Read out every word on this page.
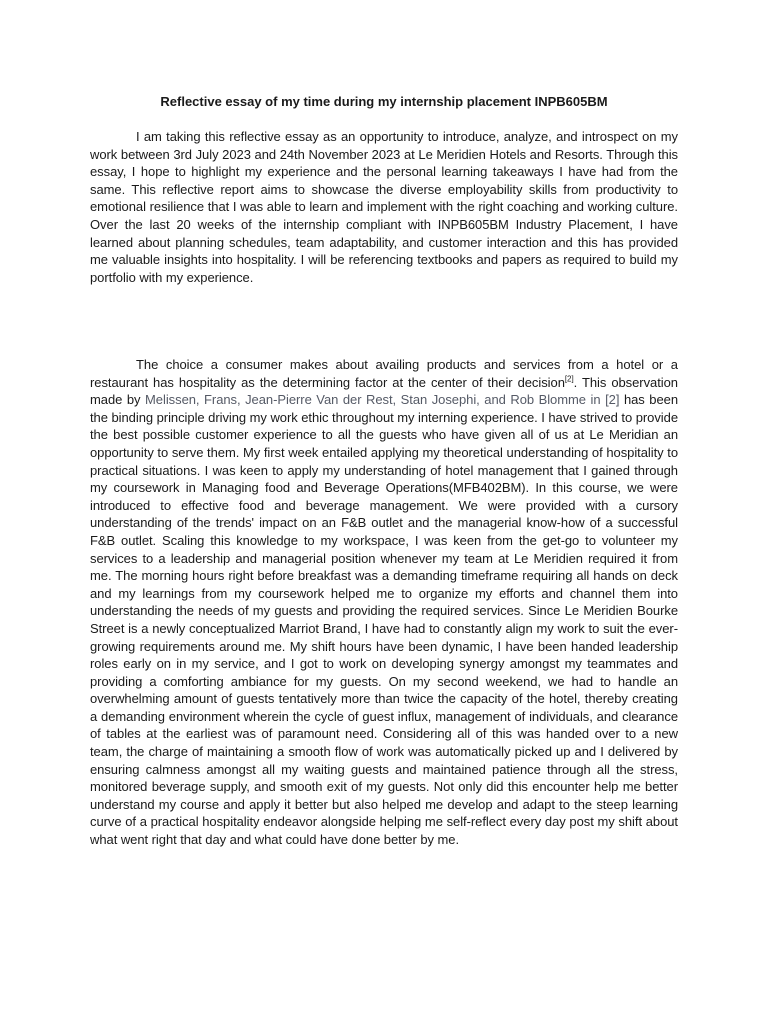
Reflective essay of my time during my internship placement INPB605BM

I am taking this reflective essay as an opportunity to introduce, analyze, and introspect on my work between 3rd July 2023 and 24th November 2023 at Le Meridien Hotels and Resorts. Through this essay, I hope to highlight my experience and the personal learning takeaways I have had from the same. This reflective report aims to showcase the diverse employability skills from productivity to emotional resilience that I was able to learn and implement with the right coaching and working culture. Over the last 20 weeks of the internship compliant with INPB605BM Industry Placement, I have learned about planning schedules, team adaptability, and customer interaction and this has provided me valuable insights into hospitality. I will be referencing textbooks and papers as required to build my portfolio with my experience.

The choice a consumer makes about availing products and services from a hotel or a restaurant has hospitality as the determining factor at the center of their decision[2]. This observation made by Melissen, Frans, Jean-Pierre Van der Rest, Stan Josephi, and Rob Blomme in [2] has been the binding principle driving my work ethic throughout my interning experience. I have strived to provide the best possible customer experience to all the guests who have given all of us at Le Meridian an opportunity to serve them. My first week entailed applying my theoretical understanding of hospitality to practical situations. I was keen to apply my understanding of hotel management that I gained through my coursework in Managing food and Beverage Operations(MFB402BM). In this course, we were introduced to effective food and beverage management. We were provided with a cursory understanding of the trends' impact on an F&B outlet and the managerial know-how of a successful F&B outlet. Scaling this knowledge to my workspace, I was keen from the get-go to volunteer my services to a leadership and managerial position whenever my team at Le Meridien required it from me. The morning hours right before breakfast was a demanding timeframe requiring all hands on deck and my learnings from my coursework helped me to organize my efforts and channel them into understanding the needs of my guests and providing the required services. Since Le Meridien Bourke Street is a newly conceptualized Marriot Brand, I have had to constantly align my work to suit the ever-growing requirements around me. My shift hours have been dynamic, I have been handed leadership roles early on in my service, and I got to work on developing synergy amongst my teammates and providing a comforting ambiance for my guests. On my second weekend, we had to handle an overwhelming amount of guests tentatively more than twice the capacity of the hotel, thereby creating a demanding environment wherein the cycle of guest influx, management of individuals, and clearance of tables at the earliest was of paramount need. Considering all of this was handed over to a new team, the charge of maintaining a smooth flow of work was automatically picked up and I delivered by ensuring calmness amongst all my waiting guests and maintained patience through all the stress, monitored beverage supply, and smooth exit of my guests. Not only did this encounter help me better understand my course and apply it better but also helped me develop and adapt to the steep learning curve of a practical hospitality endeavor alongside helping me self-reflect every day post my shift about what went right that day and what could have done better by me.
